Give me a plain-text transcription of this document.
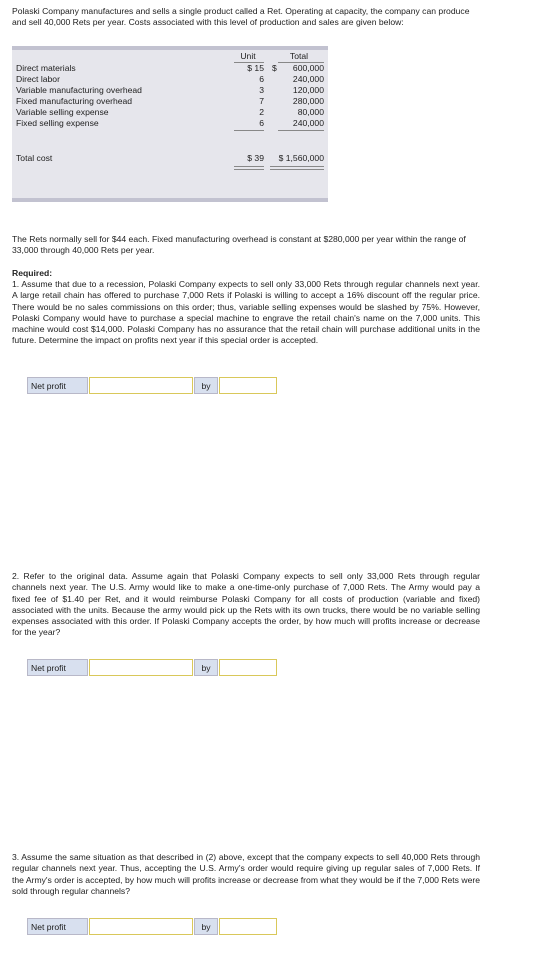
Polaski Company manufactures and sells a single product called a Ret. Operating at capacity, the company can produce and sell 40,000 Rets per year. Costs associated with this level of production and sales are given below:

Unit	Total
Direct materials	$ 15 $	600,000
Direct labor	6	240,000
Variable manufacturing overhead	3	120,000
Fixed manufacturing overhead	7	280,000
Variable selling expense	2	80,000
Fixed selling expense	6	240,000
Total cost	$ 39	$ 1,560,000

The Rets normally sell for $44 each. Fixed manufacturing overhead is constant at $280,000 per year within the range of 33,000 through 40,000 Rets per year.

Required:

1. Assume that due to a recession, Polaski Company expects to sell only 33,000 Rets through regular channels next year. A large retail chain has offered to purchase 7,000 Rets if Polaski is willing to accept a 16% discount off the regular price. There would be no sales commissions on this order; thus, variable selling expenses would be slashed by 75%. However, Polaski Company would have to purchase a special machine to engrave the retail chain's name on the 7,000 units. This machine would cost $14,000. Polaski Company has no assurance that the retail chain will purchase additional units in the future. Determine the impact on profits next year if this special order is accepted.

Net profit	by

2. Refer to the original data. Assume again that Polaski Company expects to sell only 33,000 Rets through regular channels next year. The U.S. Army would like to make a one-time-only purchase of 7,000 Rets. The Army would pay a fixed fee of $1.40 per Ret, and it would reimburse Polaski Company for all costs of production (variable and fixed) associated with the units. Because the army would pick up the Rets with its own trucks, there would be no variable selling expenses associated with this order. If Polaski Company accepts the order, by how much will profits increase or decrease for the year?

Net profit	by

3. Assume the same situation as that described in (2) above, except that the company expects to sell 40,000 Rets through regular channels next year. Thus, accepting the U.S. Army's order would require giving up regular sales of 7,000 Rets. If the Army's order is accepted, by how much will profits increase or decrease from what they would be if the 7,000 Rets were sold through regular channels?

Net profit	by
